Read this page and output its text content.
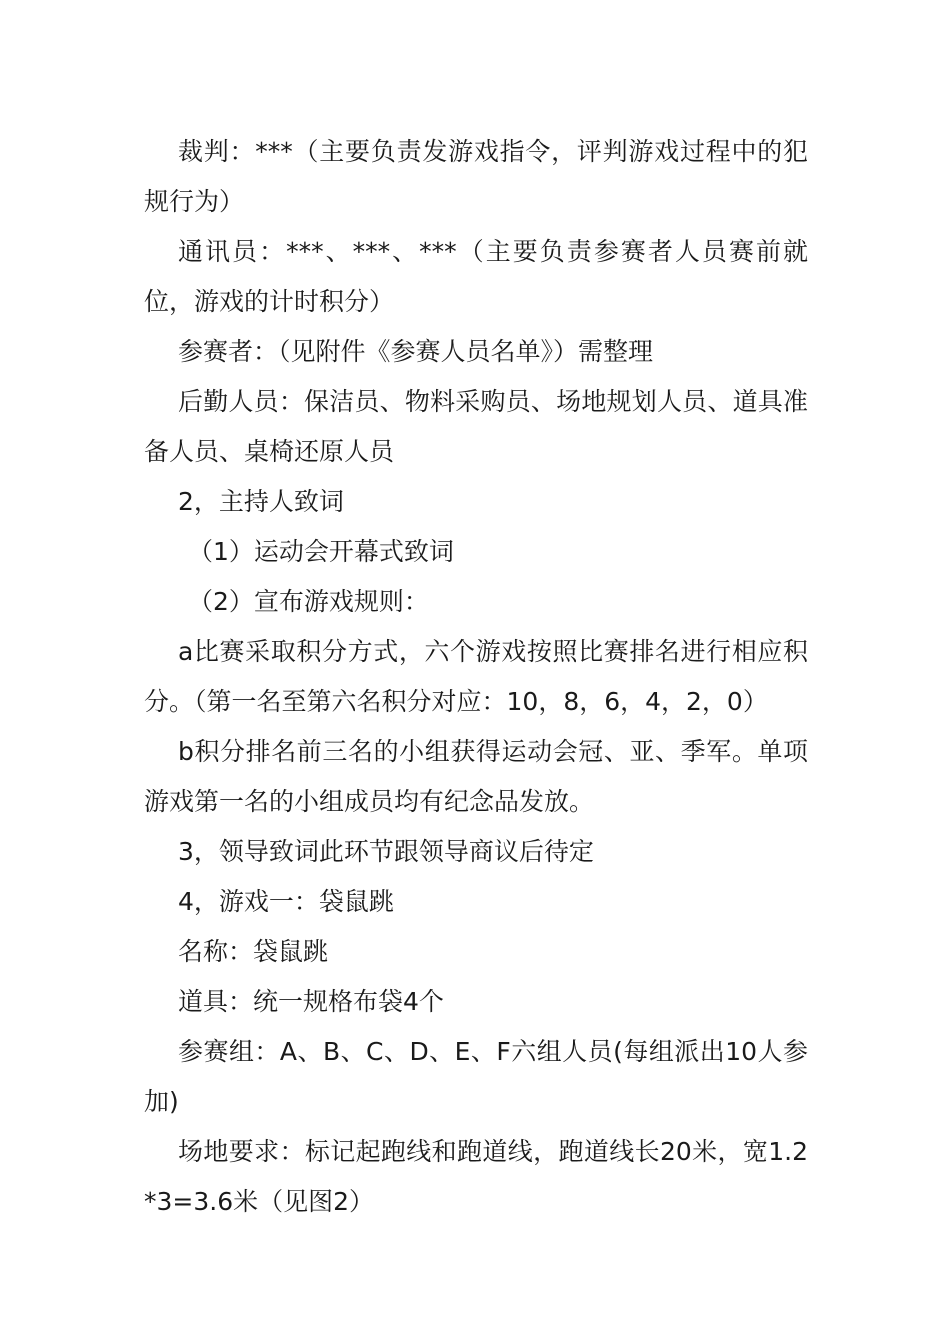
裁判：***（主要负责发游戏指令，评判游戏过程中的犯规行为）

通讯员：***、***、***（主要负责参赛者人员赛前就位，游戏的计时积分）

参赛者：（见附件《参赛人员名单》）需整理

后勤人员：保洁员、物料采购员、场地规划人员、道具准备人员、桌椅还原人员

2，主持人致词

（1）运动会开幕式致词

（2）宣布游戏规则：

a比赛采取积分方式，六个游戏按照比赛排名进行相应积分。（第一名至第六名积分对应：10，8，6，4，2，0）

b积分排名前三名的小组获得运动会冠、亚、季军。单项游戏第一名的小组成员均有纪念品发放。

3，领导致词此环节跟领导商议后待定

4，游戏一：袋鼠跳

名称：袋鼠跳

道具：统一规格布袋4个

参赛组：A、B、C、D、E、F六组人员(每组派出10人参加)

场地要求：标记起跑线和跑道线，跑道线长20米，宽1.2*3=3.6米（见图2）
